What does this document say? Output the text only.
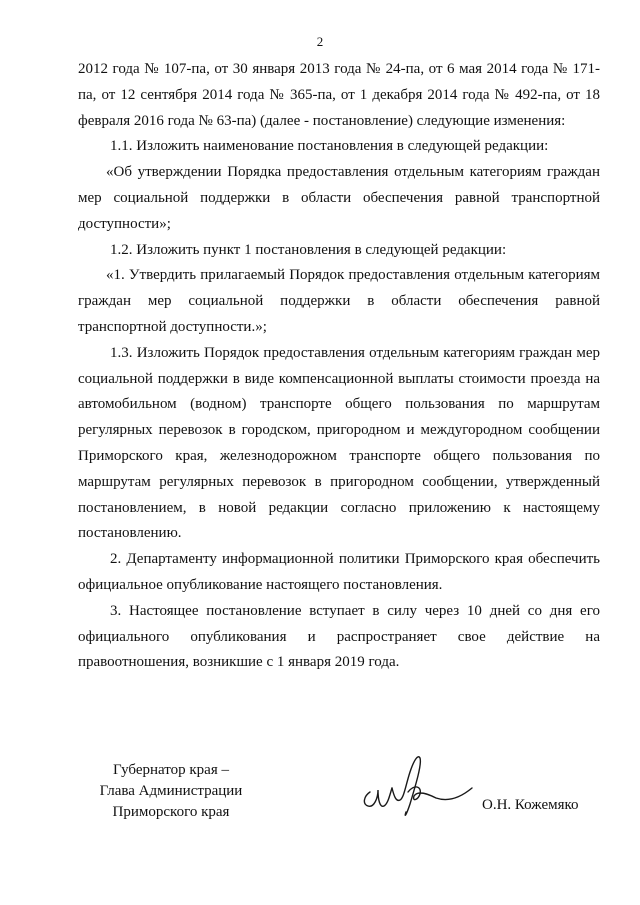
2

2012 года № 107-па, от 30 января 2013 года № 24-па, от 6 мая 2014 года № 171-па, от 12 сентября 2014 года № 365-па, от 1 декабря 2014 года № 492-па, от 18 февраля 2016 года № 63-па) (далее - постановление) следующие изменения:

1.1. Изложить наименование постановления в следующей редакции:

«Об утверждении Порядка предоставления отдельным категориям граждан мер социальной поддержки в области обеспечения равной транспортной доступности»;

1.2. Изложить пункт 1 постановления в следующей редакции:

«1. Утвердить прилагаемый Порядок предоставления отдельным категориям граждан мер социальной поддержки в области обеспечения равной транспортной доступности.»;

1.3. Изложить Порядок предоставления отдельным категориям граждан мер социальной поддержки в виде компенсационной выплаты стоимости проезда на автомобильном (водном) транспорте общего пользования по маршрутам регулярных перевозок в городском, пригородном и междугородном сообщении Приморского края, железнодорожном транспорте общего пользования по маршрутам регулярных перевозок в пригородном сообщении, утвержденный постановлением, в новой редакции согласно приложению к настоящему постановлению.

2. Департаменту информационной политики Приморского края обеспечить официальное опубликование настоящего постановления.

3. Настоящее постановление вступает в силу через 10 дней со дня его официального опубликования и распространяет свое действие на правоотношения, возникшие с 1 января 2019 года.

Губернатор края –
Глава Администрации
Приморского края	О.Н. Кожемяко
